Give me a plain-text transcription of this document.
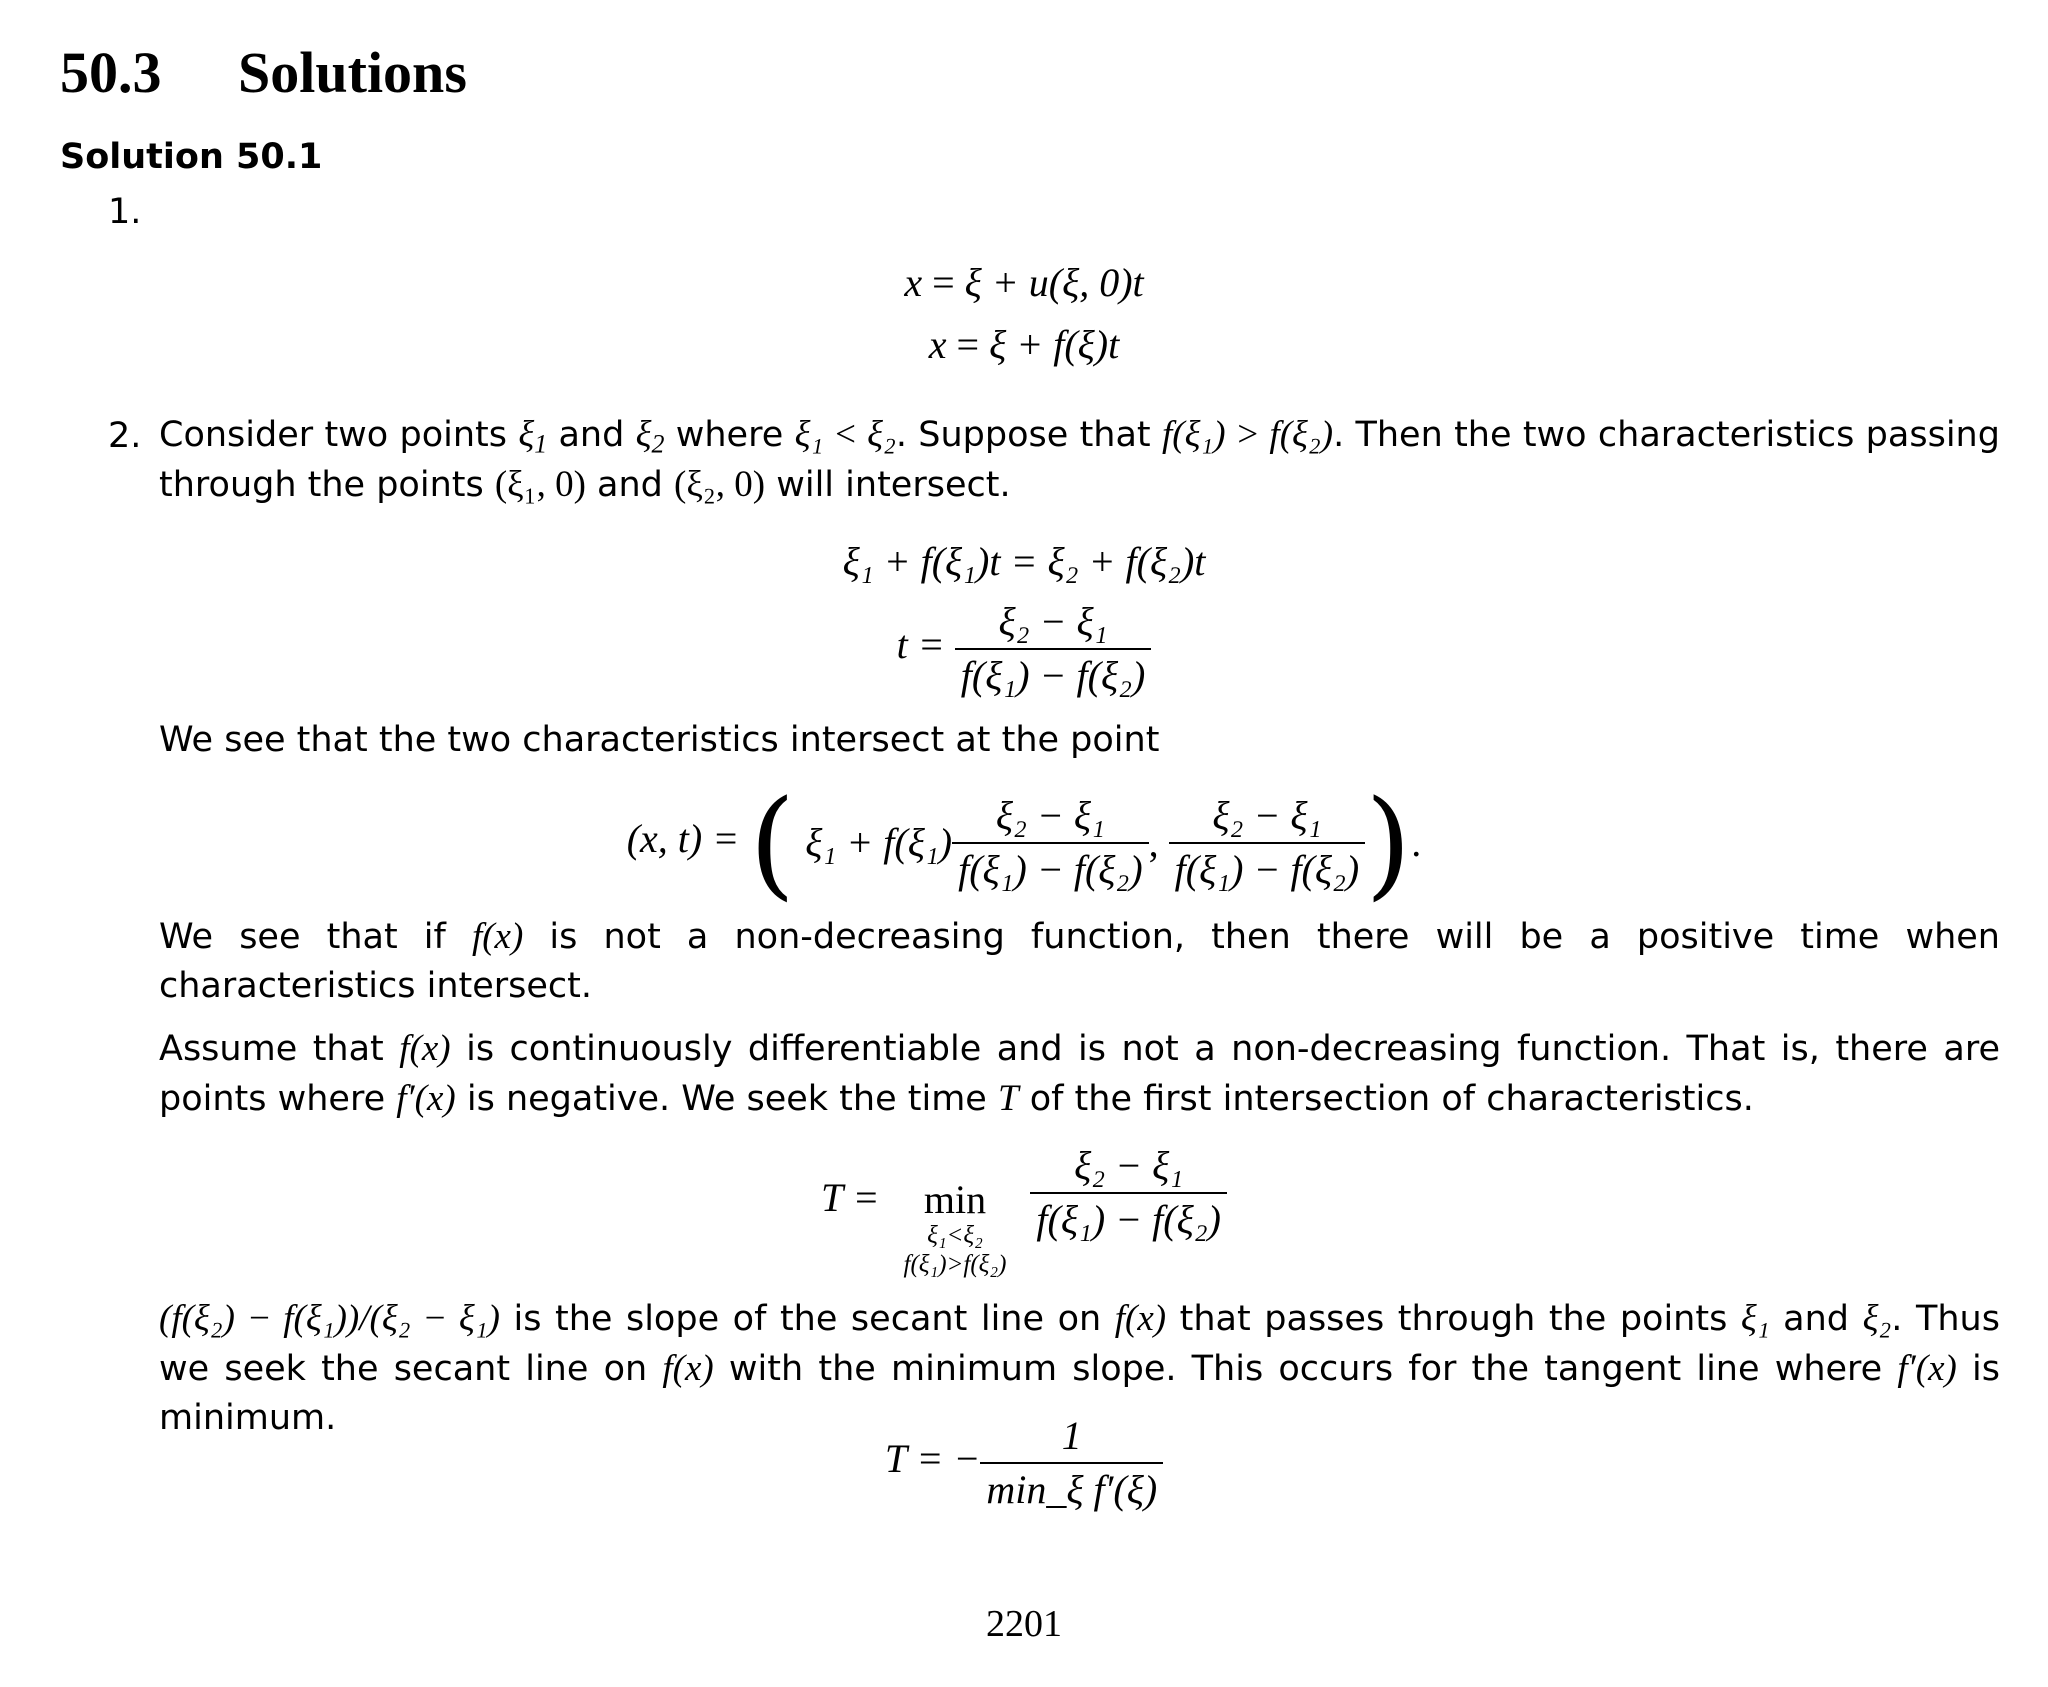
50.3 Solutions
Solution 50.1
1.
x = ξ + u(ξ, 0)t
x = ξ + f(ξ)t
2. Consider two points $\xi_1$ and $\xi_2$ where ξ₁ < ξ₂. Suppose that f(ξ₁) > f(ξ₂). Then the two characteristics passing through the points (ξ₁, 0) and (ξ₂, 0) will intersect.

ξ₁ + f(ξ₁)t = ξ₂ + f(ξ₂)t
$t = \frac{\text{ξ₂ − ξ₁}}{\text{f(ξ₁) − f(ξ₂)}}$

We see that the two characteristics intersect at the point

(x, t) = ( $\xi_1 + f(\xi_1) \frac{\text{ξ₂ − ξ₁}}{\text{f(ξ₁) − f(ξ₂)}}$ , $\frac{\text{ξ₂ − ξ₁}}{\text{f(ξ₁) − f(ξ₂)}}$ ).

We see that if f(x) is not a non-decreasing function, then there will be a positive time when characteristics intersect.

Assume that f(x) is continuously differentiable and is not a non-decreasing function. That is, there are points where f′(x) is negative. We seek the time T of the first intersection of characteristics.

T =	min
ξ₁<ξ₂
f(ξ₁)>f(ξ₂)

$\frac{\text{ξ₂ − ξ₁}}{\text{f(ξ₁) − f(ξ₂)}}$

(f(ξ₂) − f(ξ₁))/(ξ₂ − ξ₁) is the slope of the secant line on f(x) that passes through the points ξ₁ and ξ₂. Thus we seek the secant line on f(x) with the minimum slope. This occurs for the tangent line where f′(x) is minimum.

T = − $\frac{1}{\text{min\_ξ f′(ξ)}}$
2201
